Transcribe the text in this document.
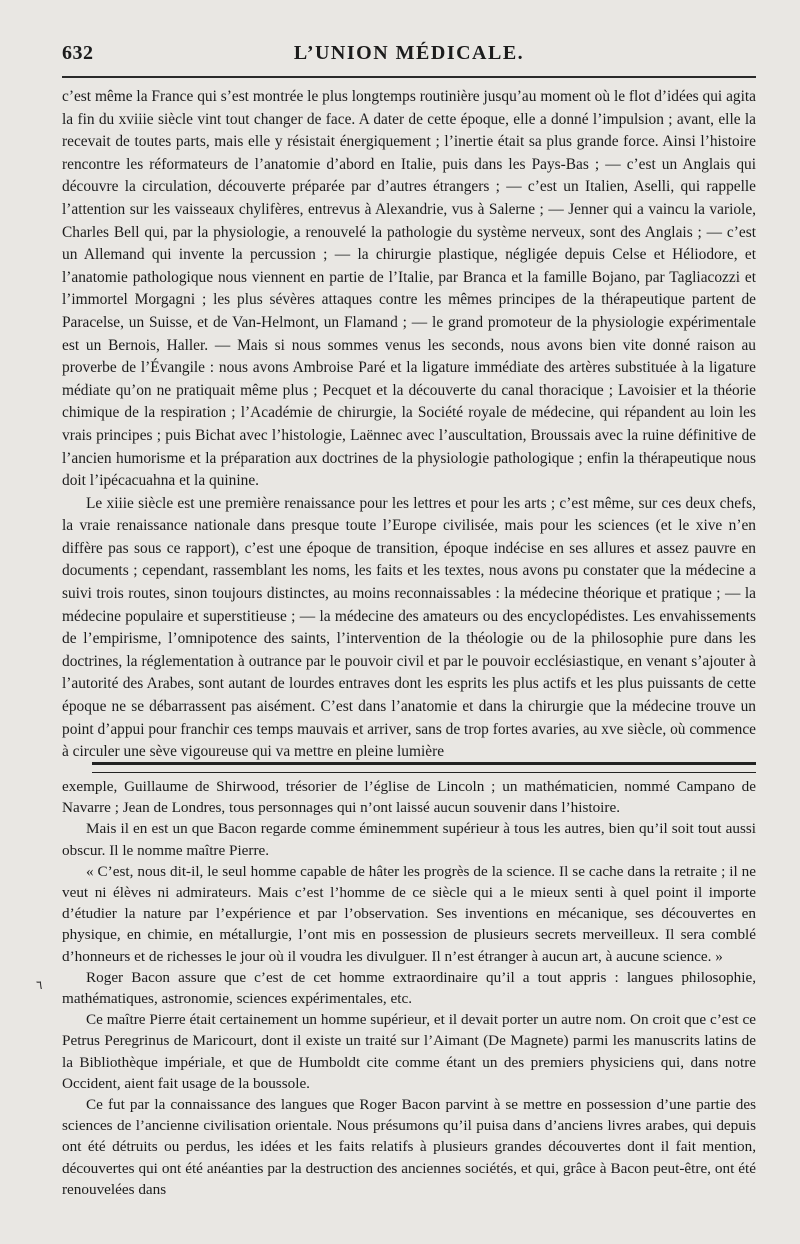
632	L’UNION MÉDICALE.

c’est même la France qui s’est montrée le plus longtemps routinière jusqu’au moment où le flot d’idées qui agita la fin du xviiie siècle vint tout changer de face. A dater de cette époque, elle a donné l’impulsion ; avant, elle la recevait de toutes parts, mais elle y résistait énergiquement ; l’inertie était sa plus grande force. Ainsi l’histoire rencontre les réformateurs de l’anatomie d’abord en Italie, puis dans les Pays-Bas ; — c’est un Anglais qui découvre la circulation, découverte préparée par d’autres étrangers ; — c’est un Italien, Aselli, qui rappelle l’attention sur les vaisseaux chylifères, entrevus à Alexandrie, vus à Salerne ; — Jenner qui a vaincu la variole, Charles Bell qui, par la physiologie, a renouvelé la pathologie du système nerveux, sont des Anglais ; — c’est un Allemand qui invente la percussion ; — la chirurgie plastique, négligée depuis Celse et Héliodore, et l’anatomie pathologique nous viennent en partie de l’Italie, par Branca et la famille Bojano, par Tagliacozzi et l’immortel Morgagni ; les plus sévères attaques contre les mêmes principes de la thérapeutique partent de Paracelse, un Suisse, et de Van-Helmont, un Flamand ; — le grand promoteur de la physiologie expérimentale est un Bernois, Haller. — Mais si nous sommes venus les seconds, nous avons bien vite donné raison au proverbe de l’Évangile : nous avons Ambroise Paré et la ligature immédiate des artères substituée à la ligature médiate qu’on ne pratiquait même plus ; Pecquet et la découverte du canal thoracique ; Lavoisier et la théorie chimique de la respiration ; l’Académie de chirurgie, la Société royale de médecine, qui répandent au loin les vrais principes ; puis Bichat avec l’histologie, Laënnec avec l’auscultation, Broussais avec la ruine définitive de l’ancien humorisme et la préparation aux doctrines de la physiologie pathologique ; enfin la thérapeutique nous doit l’ipécacuahna et la quinine.

Le xiiie siècle est une première renaissance pour les lettres et pour les arts ; c’est même, sur ces deux chefs, la vraie renaissance nationale dans presque toute l’Europe civilisée, mais pour les sciences (et le xive n’en diffère pas sous ce rapport), c’est une époque de transition, époque indécise en ses allures et assez pauvre en documents ; cependant, rassemblant les noms, les faits et les textes, nous avons pu constater que la médecine a suivi trois routes, sinon toujours distinctes, au moins reconnaissables : la médecine théorique et pratique ; — la médecine populaire et superstitieuse ; — la médecine des amateurs ou des encyclopédistes. Les envahissements de l’empirisme, l’omnipotence des saints, l’intervention de la théologie ou de la philosophie pure dans les doctrines, la réglementation à outrance par le pouvoir civil et par le pouvoir ecclésiastique, en venant s’ajouter à l’autorité des Arabes, sont autant de lourdes entraves dont les esprits les plus actifs et les plus puissants de cette époque ne se débarrassent pas aisément. C’est dans l’anatomie et dans la chirurgie que la médecine trouve un point d’appui pour franchir ces temps mauvais et arriver, sans de trop fortes avaries, au xve siècle, où commence à circuler une sève vigoureuse qui va mettre en pleine lumière

exemple, Guillaume de Shirwood, trésorier de l’église de Lincoln ; un mathématicien, nommé Campano de Navarre ; Jean de Londres, tous personnages qui n’ont laissé aucun souvenir dans l’histoire.

Mais il en est un que Bacon regarde comme éminemment supérieur à tous les autres, bien qu’il soit tout aussi obscur. Il le nomme maître Pierre.

« C’est, nous dit-il, le seul homme capable de hâter les progrès de la science. Il se cache dans la retraite ; il ne veut ni élèves ni admirateurs. Mais c’est l’homme de ce siècle qui a le mieux senti à quel point il importe d’étudier la nature par l’expérience et par l’observation. Ses inventions en mécanique, ses découvertes en physique, en chimie, en métallurgie, l’ont mis en possession de plusieurs secrets merveilleux. Il sera comblé d’honneurs et de richesses le jour où il voudra les divulguer. Il n’est étranger à aucun art, à aucune science. »

Roger Bacon assure que c’est de cet homme extraordinaire qu’il a tout appris : langues philosophie, mathématiques, astronomie, sciences expérimentales, etc.

Ce maître Pierre était certainement un homme supérieur, et il devait porter un autre nom. On croit que c’est ce Petrus Peregrinus de Maricourt, dont il existe un traité sur l’Aimant (De Magnete) parmi les manuscrits latins de la Bibliothèque impériale, et que de Humboldt cite comme étant un des premiers physiciens qui, dans notre Occident, aient fait usage de la boussole.

Ce fut par la connaissance des langues que Roger Bacon parvint à se mettre en possession d’une partie des sciences de l’ancienne civilisation orientale. Nous présumons qu’il puisa dans d’anciens livres arabes, qui depuis ont été détruits ou perdus, les idées et les faits relatifs à plusieurs grandes découvertes dont il fait mention, découvertes qui ont été anéanties par la destruction des anciennes sociétés, et qui, grâce à Bacon peut-être, ont été renouvelées dans

٦
